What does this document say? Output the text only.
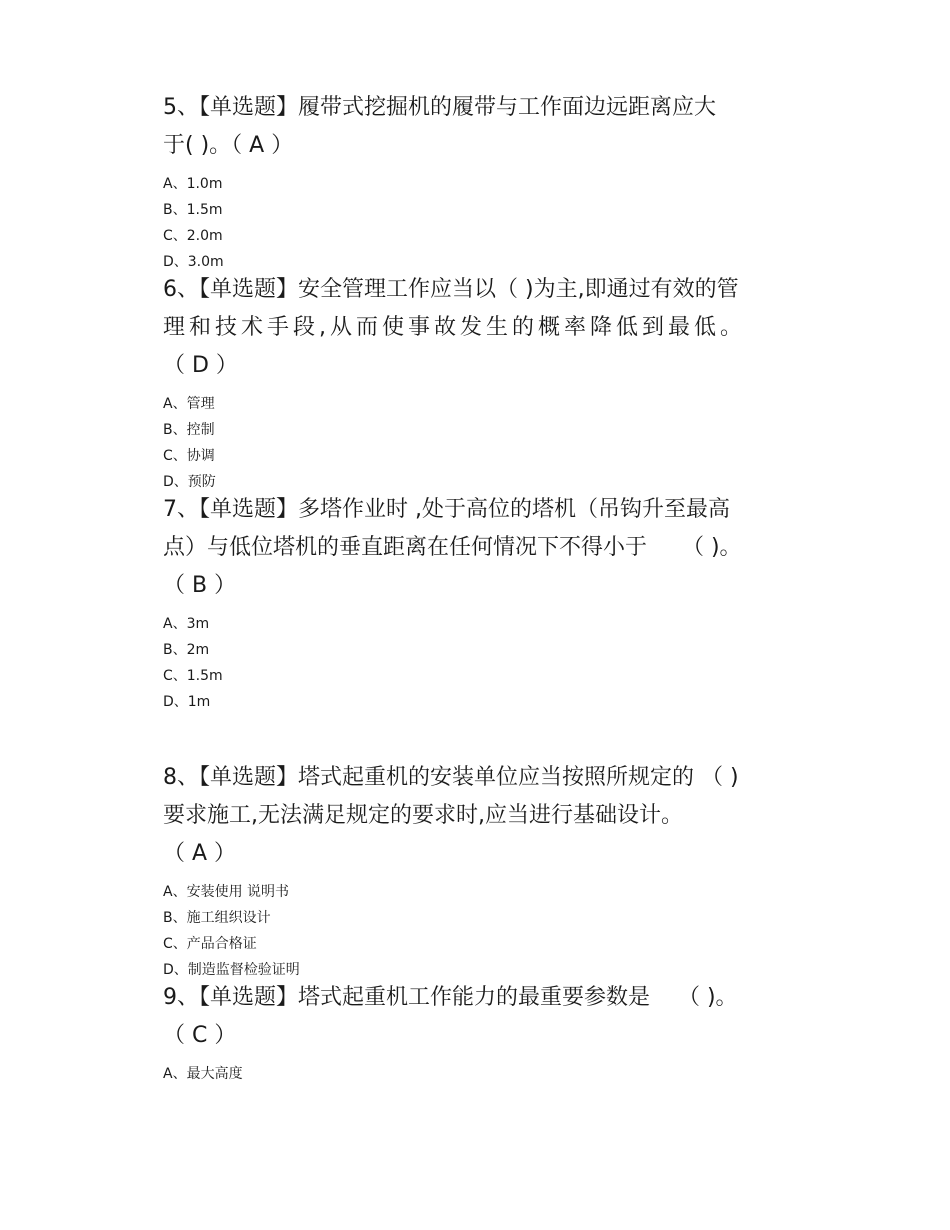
5、【单选题】履带式挖掘机的履带与工作面边远距离应大
于( )。（ A ）
A、1.0m
B、1.5m
C、2.0m
D、3.0m
6、【单选题】安全管理工作应当以（ )为主,即通过有效的管
理和技术手段,从而使事故发生的概率降低到最低。
（ D ）
A、管理
B、控制
C、协调
D、预防
7、【单选题】多塔作业时 ,处于高位的塔机（吊钩升至最高
点）与低位塔机的垂直距离在任何情况下不得小于     （ )。
（ B ）
A、3m
B、2m
C、1.5m
D、1m
8、【单选题】塔式起重机的安装单位应当按照所规定的 （ )
要求施工,无法满足规定的要求时,应当进行基础设计。
（ A ）
A、安装使用 说明书
B、施工组织设计
C、产品合格证
D、制造监督检验证明
9、【单选题】塔式起重机工作能力的最重要参数是    （ )。
（ C ）
A、最大高度
